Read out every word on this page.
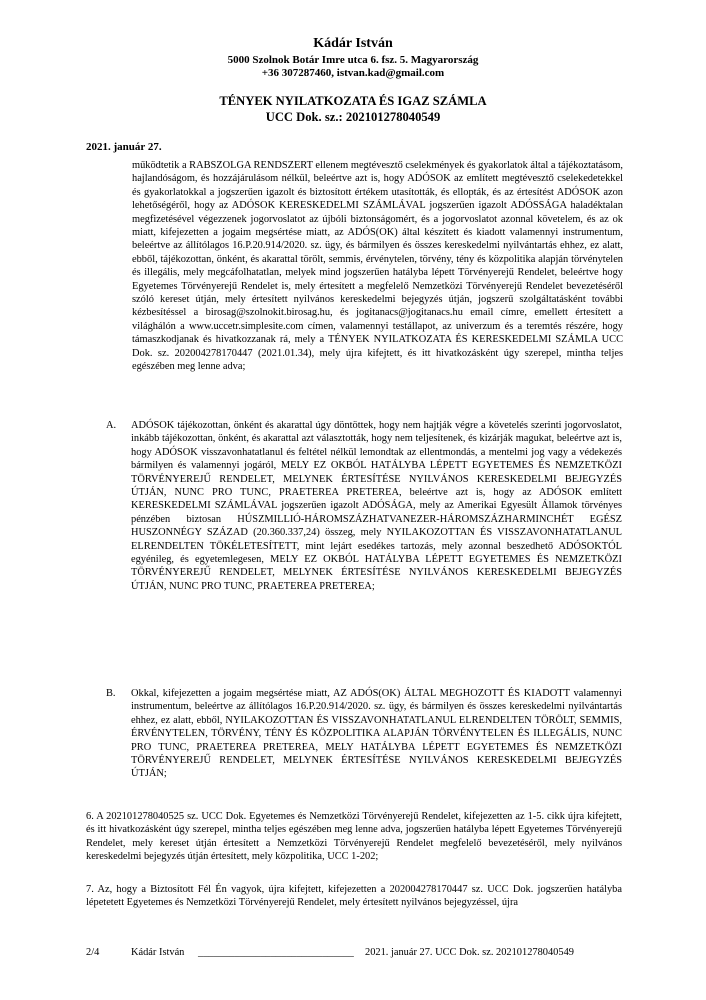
Kádár István
5000 Szolnok Botár Imre utca 6. fsz. 5. Magyarország
+36 307287460, istvan.kad@gmail.com
TÉNYEK NYILATKOZATA ÉS IGAZ SZÁMLA
UCC Dok. sz.: 202101278040549
2021. január 27.
működtetik a RABSZOLGA RENDSZERT ellenem megtévesztő cselekmények és gyakorlatok által a tájékoztatásom, hajlandóságom, és hozzájárulásom nélkül, beleértve azt is, hogy ADÓSOK az említett megtévesztő cselekedetekkel és gyakorlatokkal a jogszerűen igazolt és biztosított értékem utasították, és ellopták, és az értesítést ADÓSOK azon lehetőségéről, hogy az ADÓSOK KERESKEDELMI SZÁMLÁVAL jogszerűen igazolt ADÓSSÁGA haladéktalan megfizetésével végezzenek jogorvoslatot az újbóli biztonságomért, és a jogorvoslatot azonnal követelem, és az ok miatt, kifejezetten a jogaim megsértése miatt, az ADÓS(OK) által készített és kiadott valamennyi instrumentum, beleértve az állítólagos 16.P.20.914/2020. sz. ügy, és bármilyen és összes kereskedelmi nyilvántartás ehhez, ez alatt, ebből, tájékozottan, önként, és akarattal törölt, semmis, érvénytelen, törvény, tény és közpolitika alapján törvénytelen és illegális, mely megcáfolhatatlan, melyek mind jogszerűen hatályba lépett Törvényerejű Rendelet, beleértve hogy Egyetemes Törvényerejű Rendelet is, mely értesített a megfelelő Nemzetközi Törvényerejű Rendelet bevezetéséről szóló kereset útján, mely értesített nyilvános kereskedelmi bejegyzés útján, jogszerű szolgáltatásként további kézbesítéssel a birosag@szolnokit.birosag.hu, és jogitanacs@jogitanacs.hu email címre, emellett értesített a világhálón a www.uccetr.simplesite.com címen, valamennyi testállapot, az univerzum és a teremtés részére, hogy támaszkodjanak és hivatkozzanak rá, mely a TÉNYEK NYILATKOZATA ÉS KERESKEDELMI SZÁMLA UCC Dok. sz. 202004278170447 (2021.01.34), mely újra kifejtett, és itt hivatkozásként úgy szerepel, mintha teljes egészében meg lenne adva;
A. ADÓSOK tájékozottan, önként és akarattal úgy döntöttek, hogy nem hajtják végre a követelés szerinti jogorvoslatot, inkább tájékozottan, önként, és akarattal azt választották, hogy nem teljesítenek, és kizárják magukat, beleértve azt is, hogy ADÓSOK visszavonhatatlanul és feltétel nélkül lemondtak az ellentmondás, a mentelmi jog vagy a védekezés bármilyen és valamennyi jogáról, MELY EZ OKBÓL HATÁLYBA LÉPETT EGYETEMES ÉS NEMZETKÖZI TÖRVÉNYEREJŰ RENDELET, MELYNEK ÉRTESÍTÉSE NYILVÁNOS KERESKEDELMI BEJEGYZÉS ÚTJÁN, NUNC PRO TUNC, PRAETEREA PRETEREA, beleértve azt is, hogy az ADÓSOK említett KERESKEDELMI SZÁMLÁVAL jogszerűen igazolt ADÓSÁGA, mely az Amerikai Egyesült Államok törvényes pénzében biztosan HÚSZMILLIÓ-HÁROMSZÁZHATVANEZER-HÁROMSZÁZHARMINCHÉT EGÉSZ HUSZONNÉGY SZÁZAD (20.360.337,24) összeg, mely NYILAKOZOTTAN ÉS VISSZAVONHATATLANUL ELRENDELTEN TÖKÉLETESÍTETT, mint lejárt esedékes tartozás, mely azonnal beszedhető ADÓSOKTÓL egyénileg, és egyetemlegesen, MELY EZ OKBÓL HATÁLYBA LÉPETT EGYETEMES ÉS NEMZETKÖZI TÖRVÉNYEREJŰ RENDELET, MELYNEK ÉRTESÍTÉSE NYILVÁNOS KERESKEDELMI BEJEGYZÉS ÚTJÁN, NUNC PRO TUNC, PRAETEREA PRETEREA;
B. Okkal, kifejezetten a jogaim megsértése miatt, AZ ADÓS(OK) ÁLTAL MEGHOZOTT ÉS KIADOTT valamennyi instrumentum, beleértve az állítólagos 16.P.20.914/2020. sz. ügy, és bármilyen és összes kereskedelmi nyilvántartás ehhez, ez alatt, ebből, NYILAKOZOTTAN ÉS VISSZAVONHATATLANUL ELRENDELTEN TÖRÖLT, SEMMIS, ÉRVÉNYTELEN, TÖRVÉNY, TÉNY ÉS KÖZPOLITIKA ALAPJÁN TÖRVÉNYTELEN ÉS ILLEGÁLIS, NUNC PRO TUNC, PRAETEREA PRETEREA, MELY HATÁLYBA LÉPETT EGYETEMES ÉS NEMZETKÖZI TÖRVÉNYEREJŰ RENDELET, MELYNEK ÉRTESÍTÉSE NYILVÁNOS KERESKEDELMI BEJEGYZÉS ÚTJÁN;
6. A 202101278040525 sz. UCC Dok. Egyetemes és Nemzetközi Törvényerejű Rendelet, kifejezetten az 1-5. cikk újra kifejtett, és itt hivatkozásként úgy szerepel, mintha teljes egészében meg lenne adva, jogszerűen hatályba lépett Egyetemes Törvényerejű Rendelet, mely kereset útján értesített a Nemzetközi Törvényerejű Rendelet megfelelő bevezetéséről, mely nyilvános kereskedelmi bejegyzés útján értesített, mely közpolitika, UCC 1-202;
7. Az, hogy a Biztosított Fél Én vagyok, újra kifejtett, kifejezetten a 202004278170447 sz. UCC Dok. jogszerűen hatályba lépetetett Egyetemes és Nemzetközi Törvényerejű Rendelet, mely értesített nyilvános bejegyzéssel, újra
2/4	Kádár István ______________________________ 2021. január 27. UCC Dok. sz. 202101278040549
